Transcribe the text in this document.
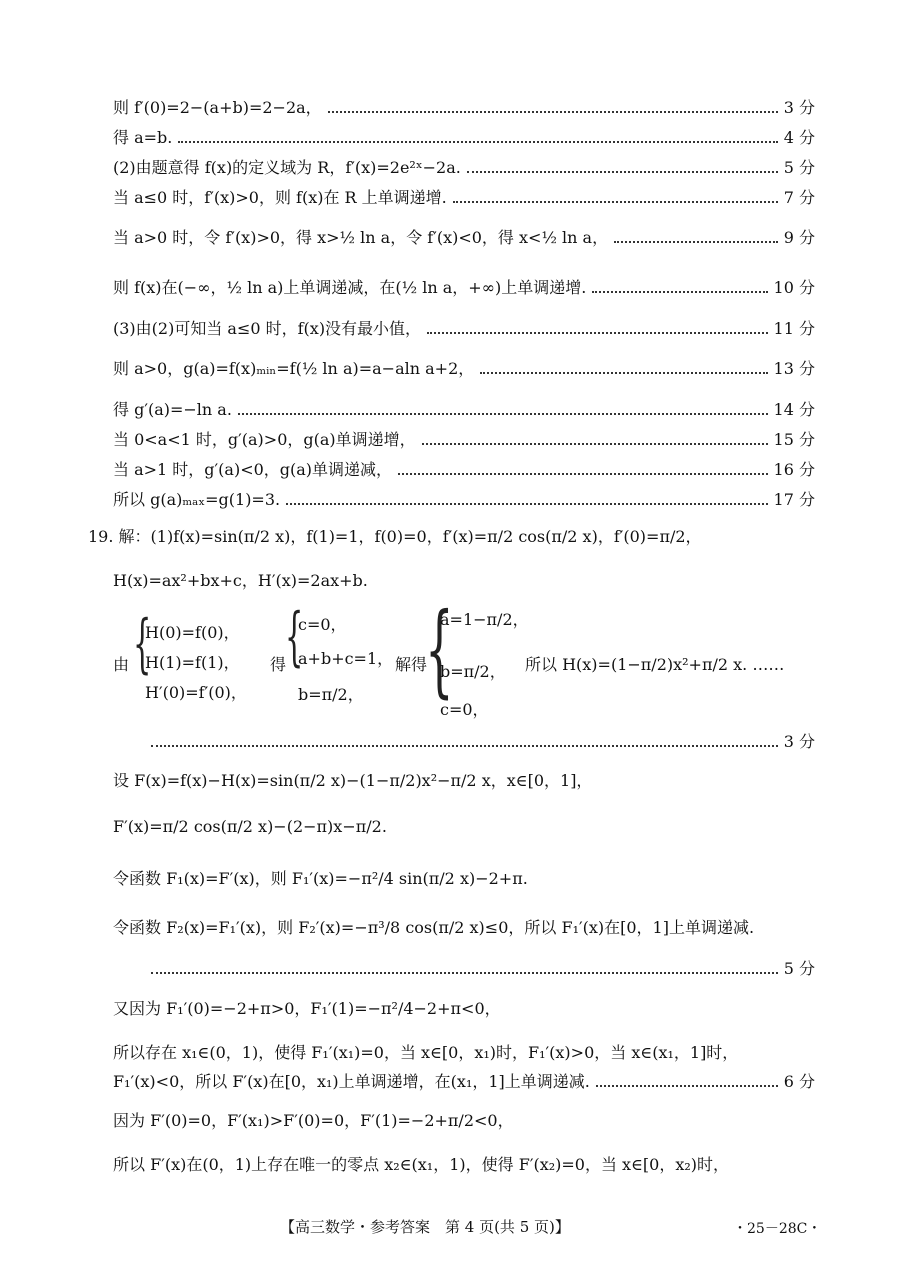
则 f′(0)=2−(a+b)=2−2a，	3 分
得 a=b.	4 分
(2)由题意得 f(x)的定义域为 R，f′(x)=2e²ˣ−2a.	5 分
当 a≤0 时，f′(x)>0，则 f(x)在 R 上单调递增.	7 分
当 a>0 时，令 f′(x)>0，得 x>½ ln a，令 f′(x)<0，得 x<½ ln a，	9 分
则 f(x)在(−∞，½ ln a)上单调递减，在(½ ln a，+∞)上单调递增.	10 分
(3)由(2)可知当 a≤0 时，f(x)没有最小值，	11 分
则 a>0，g(a)=f(x)ₘᵢₙ=f(½ ln a)=a−aln a+2，	13 分
得 g′(a)=−ln a.	14 分
当 0<a<1 时，g′(a)>0，g(a)单调递增，	15 分
当 a>1 时，g′(a)<0，g(a)单调递减，	16 分
所以 g(a)ₘₐₓ=g(1)=3.	17 分
19. 解：(1)f(x)=sin(π/2 x)，f(1)=1，f(0)=0，f′(x)=π/2 cos(π/2 x)，f′(0)=π/2，
H(x)=ax²+bx+c，H′(x)=2ax+b.
由 {
H(0)=f(0)，
H(1)=f(1)，
H′(0)=f′(0)，
得
{
c=0，
a+b+c=1，
b=π/2，
解得
{
a=1−π/2，
b=π/2，
c=0，
所以 H(x)=(1−π/2)x²+π/2 x. ……
3 分
设 F(x)=f(x)−H(x)=sin(π/2 x)−(1−π/2)x²−π/2 x，x∈[0，1]，
F′(x)=π/2 cos(π/2 x)−(2−π)x−π/2.
令函数 F₁(x)=F′(x)，则 F₁′(x)=−π²/4 sin(π/2 x)−2+π.
令函数 F₂(x)=F₁′(x)，则 F₂′(x)=−π³/8 cos(π/2 x)≤0，所以 F₁′(x)在[0，1]上单调递减.
5 分
又因为 F₁′(0)=−2+π>0，F₁′(1)=−π²/4−2+π<0，
所以存在 x₁∈(0，1)，使得 F₁′(x₁)=0，当 x∈[0，x₁)时，F₁′(x)>0，当 x∈(x₁，1]时，
F₁′(x)<0，所以 F′(x)在[0，x₁)上单调递增，在(x₁，1]上单调递减.	6 分
因为 F′(0)=0，F′(x₁)>F′(0)=0，F′(1)=−2+π/2<0，
所以 F′(x)在(0，1)上存在唯一的零点 x₂∈(x₁，1)，使得 F′(x₂)=0，当 x∈[0，x₂)时，
【高三数学・参考答案　第 4 页(共 5 页)】	・25－28C・
